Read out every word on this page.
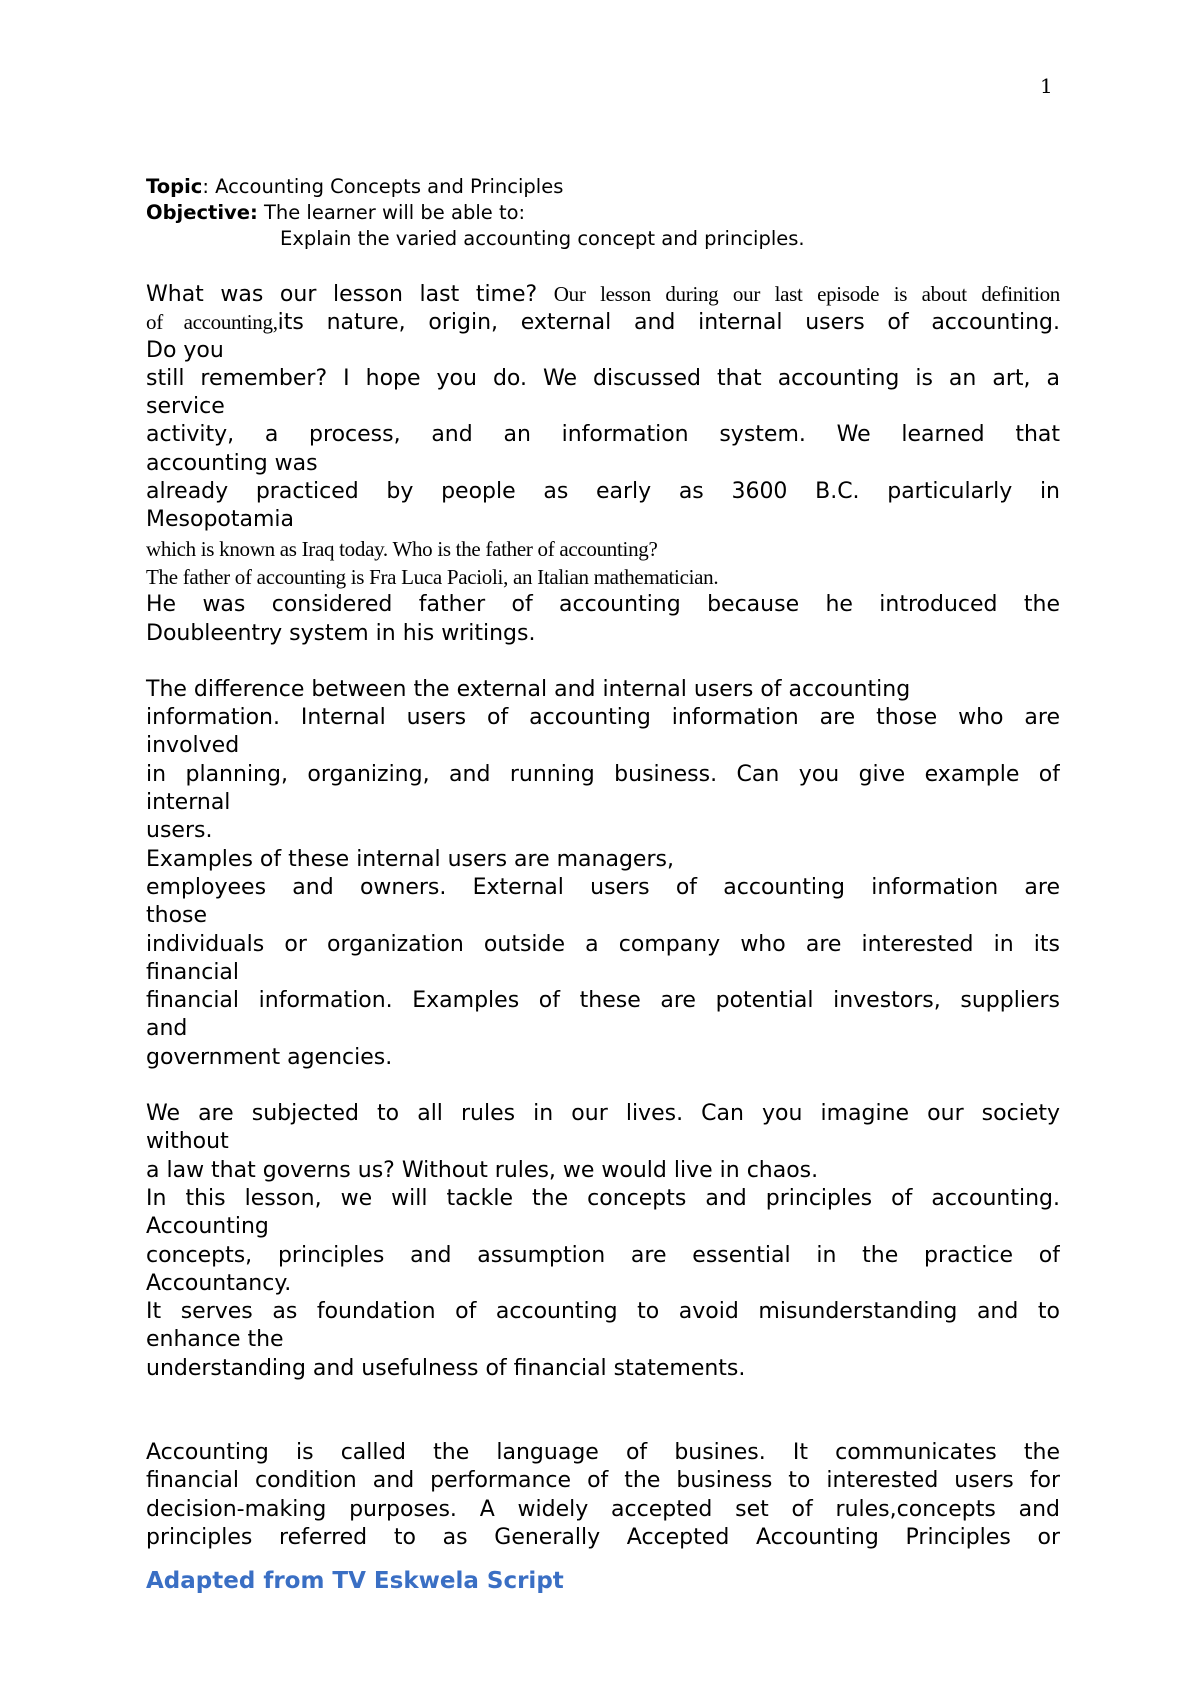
1
Topic: Accounting Concepts and Principles
Objective: The learner will be able to:
Explain the varied accounting concept and principles.
What was our lesson last time? Our lesson during our last episode is about definition
of accounting,its nature, origin, external and internal users of accounting.
Do you
still remember? I hope you do. We discussed that accounting is an art, a
service
activity, a process, and an information system. We learned that
accounting was
already practiced by people as early as 3600 B.C. particularly in
Mesopotamia
which is known as Iraq today. Who is the father of accounting?
The father of accounting is Fra Luca Pacioli, an Italian mathematician.
He was considered father of accounting because he introduced the
Doubleentry system in his writings.
The difference between the external and internal users of accounting
information. Internal users of accounting information are those who are
involved
in planning, organizing, and running business. Can you give example of
internal
users.
Examples of these internal users are managers,
employees and owners. External users of accounting information are
those
individuals or organization outside a company who are interested in its
financial
financial information. Examples of these are potential investors, suppliers
and
government agencies.
We are subjected to all rules in our lives. Can you imagine our society
without
a law that governs us? Without rules, we would live in chaos.
In this lesson, we will tackle the concepts and principles of accounting.
Accounting
concepts, principles and assumption are essential in the practice of
Accountancy.
It serves as foundation of accounting to avoid misunderstanding and to
enhance the
understanding and usefulness of financial statements.
Accounting is called the language of busines. It communicates the
financial condition and performance of the business to interested users for
decision-making purposes. A widely accepted set of rules,concepts and
principles referred to as Generally Accepted Accounting Principles or
Adapted from TV Eskwela Script
